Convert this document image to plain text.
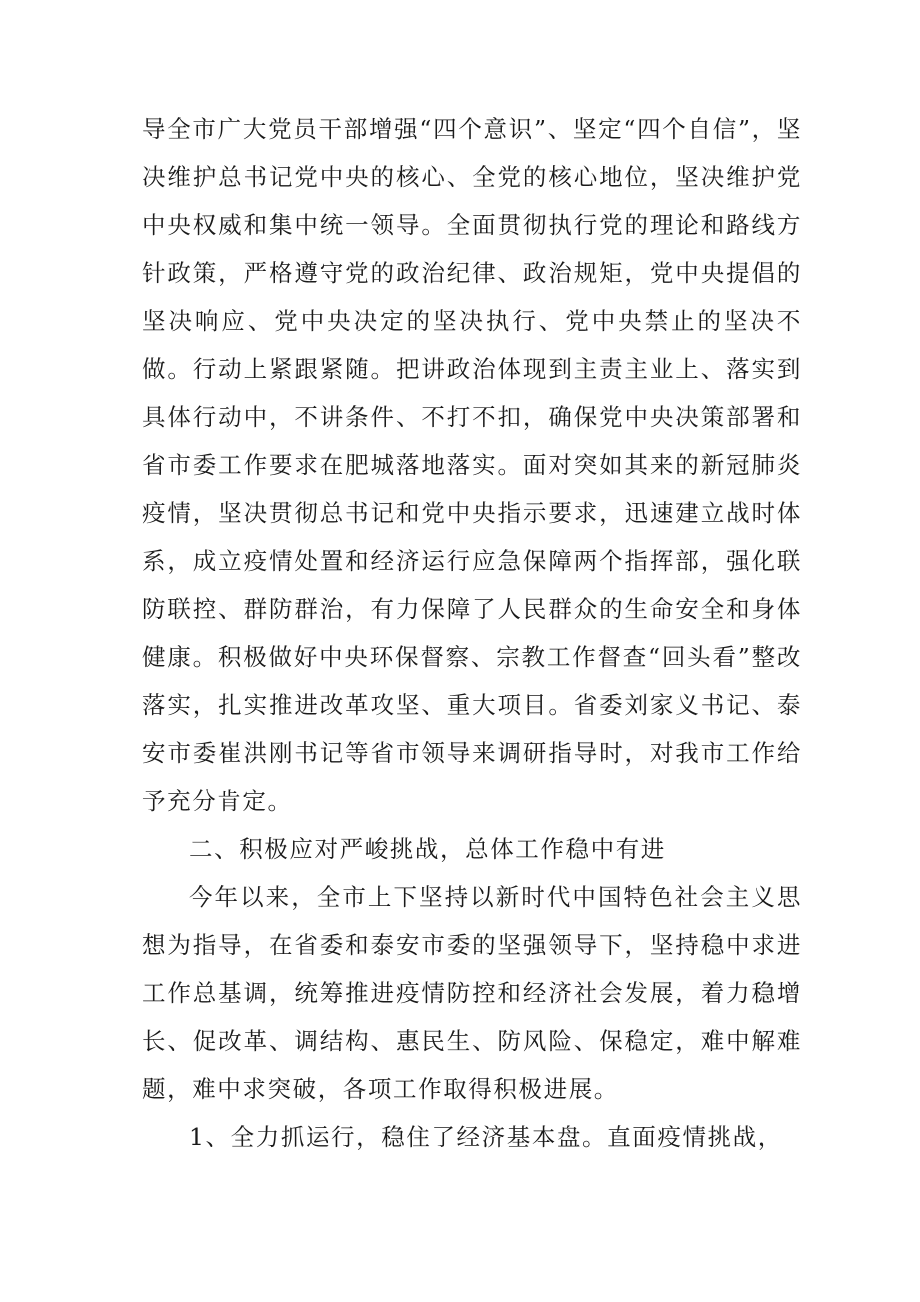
导全市广大党员干部增强“四个意识”、坚定“四个自信”，坚决维护总书记党中央的核心、全党的核心地位，坚决维护党中央权威和集中统一领导。全面贯彻执行党的理论和路线方针政策，严格遵守党的政治纪律、政治规矩，党中央提倡的坚决响应、党中央决定的坚决执行、党中央禁止的坚决不做。行动上紧跟紧随。把讲政治体现到主责主业上、落实到具体行动中，不讲条件、不打不扣，确保党中央决策部署和省市委工作要求在肥城落地落实。面对突如其来的新冠肺炎疫情，坚决贯彻总书记和党中央指示要求，迅速建立战时体系，成立疫情处置和经济运行应急保障两个指挥部，强化联防联控、群防群治，有力保障了人民群众的生命安全和身体健康。积极做好中央环保督察、宗教工作督查“回头看”整改落实，扎实推进改革攻坚、重大项目。省委刘家义书记、泰安市委崔洪刚书记等省市领导来调研指导时，对我市工作给予充分肯定。

二、积极应对严峻挑战，总体工作稳中有进

今年以来，全市上下坚持以新时代中国特色社会主义思想为指导，在省委和泰安市委的坚强领导下，坚持稳中求进工作总基调，统筹推进疫情防控和经济社会发展，着力稳增长、促改革、调结构、惠民生、防风险、保稳定，难中解难题，难中求突破，各项工作取得积极进展。

1、全力抓运行，稳住了经济基本盘。直面疫情挑战，
